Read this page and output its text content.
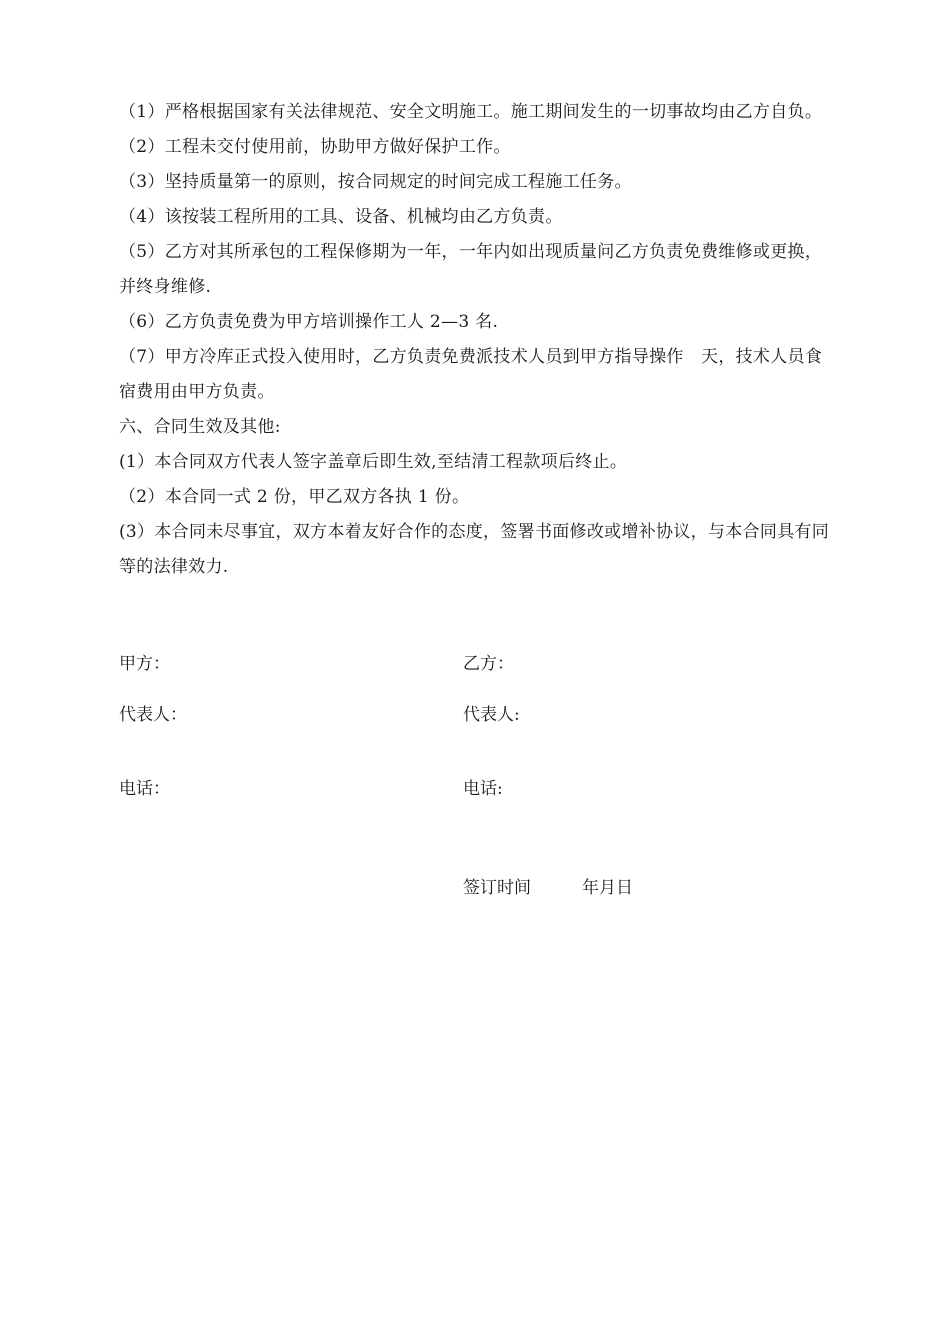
（1）严格根据国家有关法律规范、安全文明施工。施工期间发生的一切事故均由乙方自负。

（2）工程未交付使用前，协助甲方做好保护工作。

（3）坚持质量第一的原则，按合同规定的时间完成工程施工任务。

（4）该按装工程所用的工具、设备、机械均由乙方负责。

（5）乙方对其所承包的工程保修期为一年，一年内如出现质量问乙方负责免费维修或更换，并终身维修.

（6）乙方负责免费为甲方培训操作工人 2—3 名.

（7）甲方冷库正式投入使用时，乙方负责免费派技术人员到甲方指导操作　天，技术人员食宿费用由甲方负责。

六、合同生效及其他:

(1）本合同双方代表人签字盖章后即生效,至结清工程款项后终止。

（2）本合同一式 2 份，甲乙双方各执 1 份。

(3）本合同未尽事宜，双方本着友好合作的态度，签署书面修改或增补协议，与本合同具有同等的法律效力.

甲方：	乙方：
代表人：	代表人:
电话：	电话:
签订时间　　　年月日
